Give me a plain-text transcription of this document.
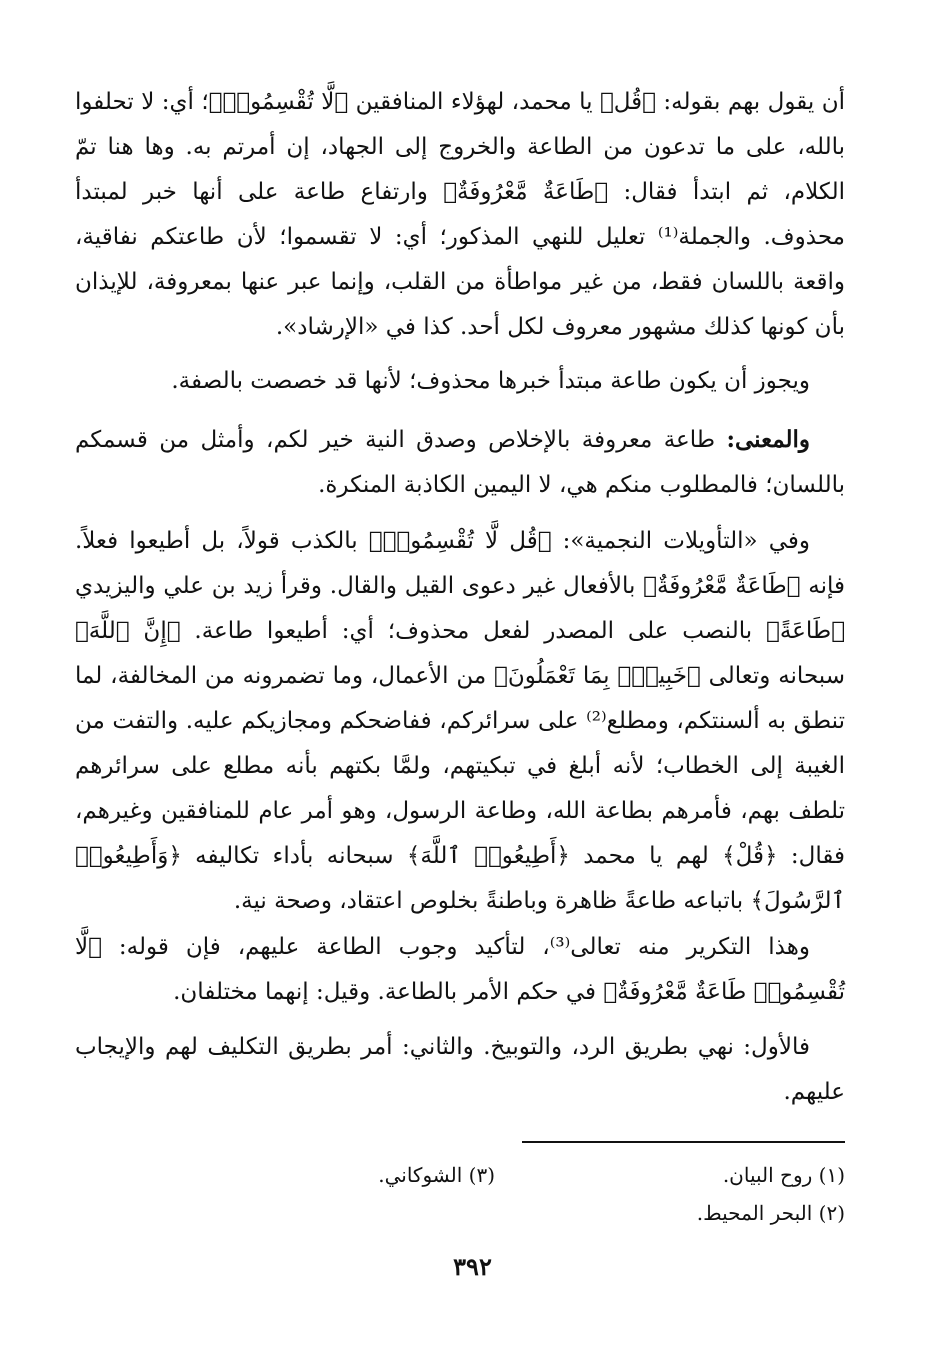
أن يقول بهم بقوله: ﴿قُل﴾ يا محمد، لهؤلاء المنافقين ﴿لَّا تُقْسِمُوا۟﴾؛ أي: لا تحلفوا بالله، على ما تدعون من الطاعة والخروج إلى الجهاد، إن أمرتم به. وها هنا تمّ الكلام، ثم ابتدأ فقال: ﴿طَاعَةٌ مَّعْرُوفَةٌ﴾ وارتفاع طاعة على أنها خبر لمبتدأ محذوف. والجملة⁽¹⁾ تعليل للنهي المذكور؛ أي: لا تقسموا؛ لأن طاعتكم نفاقية، واقعة باللسان فقط، من غير مواطأة من القلب، وإنما عبر عنها بمعروفة، للإيذان بأن كونها كذلك مشهور معروف لكل أحد. كذا في «الإرشاد».

ويجوز أن يكون طاعة مبتدأ خبرها محذوف؛ لأنها قد خصصت بالصفة.

والمعنى: طاعة معروفة بالإخلاص وصدق النية خير لكم، وأمثل من قسمكم باللسان؛ فالمطلوب منكم هي، لا اليمين الكاذبة المنكرة.

وفي «التأويلات النجمية»: ﴿قُل لَّا تُقْسِمُوا۟﴾ بالكذب قولاً، بل أطيعوا فعلاً. فإنه ﴿طَاعَةٌ مَّعْرُوفَةٌ﴾ بالأفعال غير دعوى القيل والقال. وقرأ زيد بن علي واليزيدي ﴿طَاعَةً﴾ بالنصب على المصدر لفعل محذوف؛ أي: أطيعوا طاعة. ﴿إِنَّ ٱللَّهَ﴾ سبحانه وتعالى ﴿خَبِيرٌۢ بِمَا تَعْمَلُونَ﴾ من الأعمال، وما تضمرونه من المخالفة، لما تنطق به ألسنتكم، ومطلع⁽²⁾ على سرائركم، ففاضحكم ومجازيكم عليه. والتفت من الغيبة إلى الخطاب؛ لأنه أبلغ في تبكيتهم، ولمَّا بكتهم بأنه مطلع على سرائرهم تلطف بهم، فأمرهم بطاعة الله، وطاعة الرسول، وهو أمر عام للمنافقين وغيرهم، فقال: ﴿قُلْ﴾ لهم يا محمد ﴿أَطِيعُوا۟ ٱللَّهَ﴾ سبحانه بأداء تكاليفه ﴿وَأَطِيعُوا۟ ٱلرَّسُولَ﴾ باتباعه طاعةً ظاهرة وباطنةً بخلوص اعتقاد، وصحة نية.

وهذا التكرير منه تعالى⁽³⁾، لتأكيد وجوب الطاعة عليهم، فإن قوله: ﴿لَّا تُقْسِمُوا۟ طَاعَةٌ مَّعْرُوفَةٌ﴾ في حكم الأمر بالطاعة. وقيل: إنهما مختلفان.

فالأول: نهي بطريق الرد، والتوبيخ. والثاني: أمر بطريق التكليف لهم والإيجاب عليهم.

(١) روح البيان.
(٣) الشوكاني.
(٢) البحر المحيط.
٣٩٢
